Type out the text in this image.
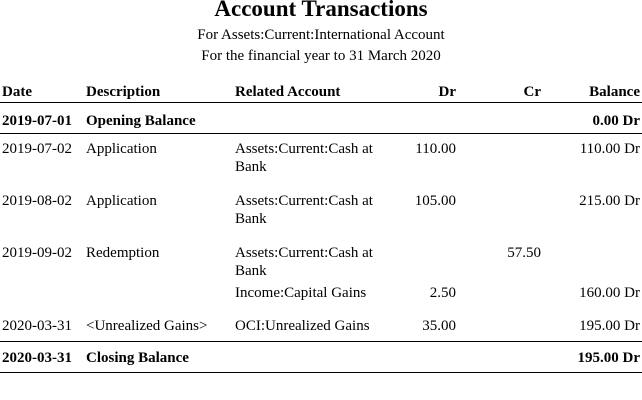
Account Transactions
For Assets:Current:International Account
For the financial year to 31 March 2020
Date	Description	Related Account	Dr	Cr	Balance
2019-07-01	Opening Balance				0.00 Dr
2019-07-02	Application	Assets:Current:Cash at Bank	110.00		110.00 Dr
2019-08-02	Application	Assets:Current:Cash at Bank	105.00		215.00 Dr
2019-09-02	Redemption	Assets:Current:Cash at Bank		57.50	
		Income:Capital Gains	2.50		160.00 Dr
2020-03-31	<Unrealized Gains>	OCI:Unrealized Gains	35.00		195.00 Dr
2020-03-31	Closing Balance				195.00 Dr
